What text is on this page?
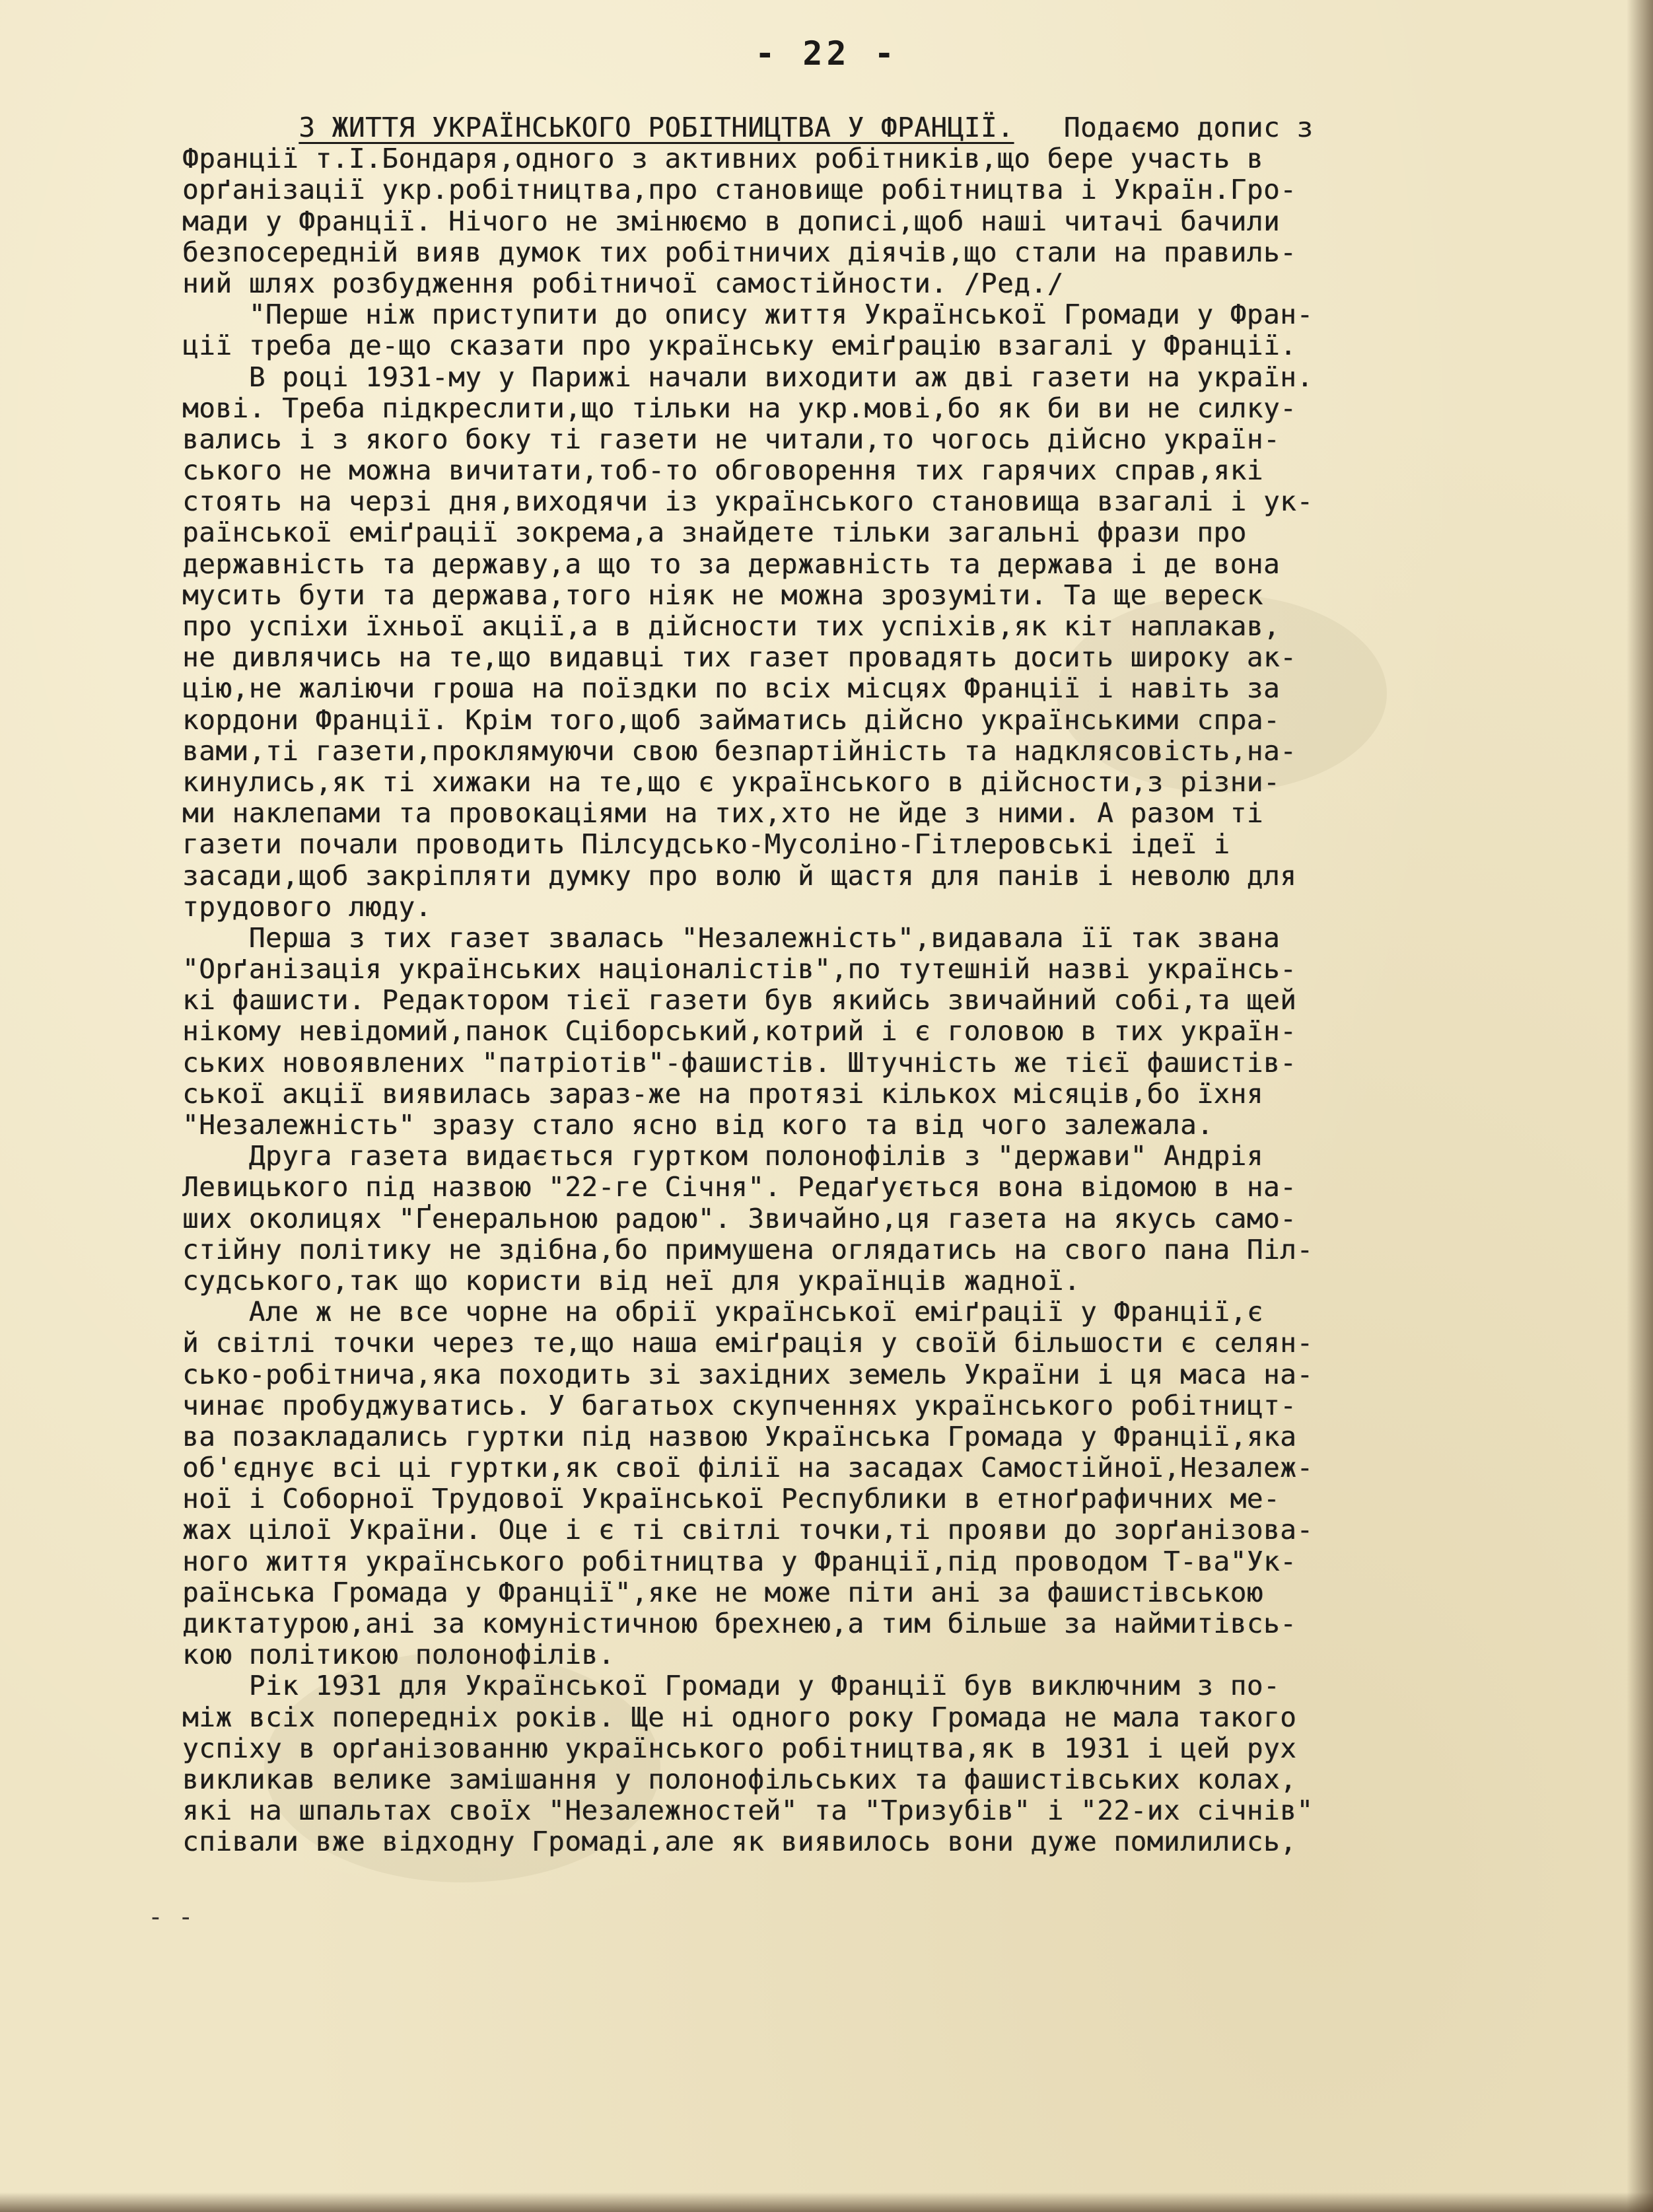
- 22 -
З ЖИТТЯ УКРАЇНСЬКОГО РОБІТНИЦТВА У ФРАНЦІЇ.   Подаємо допис з
Франції т.І.Бондаря,одного з активних робітників,що бере участь в
орґанізації укр.робітництва,про становище робітництва і Україн.Гро-
мади у Франції. Нічого не змінюємо в дописі,щоб наші читачі бачили
безпосередній вияв думок тих робітничих діячів,що стали на правиль-
ний шлях розбудження робітничої самостійности. /Ред./
"Перше ніж приступити до опису життя Української Громади у Фран-
ції треба де-що сказати про українську еміґрацію взагалі у Франції.
В році 1931-му у Парижі начали виходити аж дві газети на україн.
мові. Треба підкреслити,що тільки на укр.мові,бо як би ви не силку-
вались і з якого боку ті газети не читали,то чогось дійсно україн-
ського не можна вичитати,тоб-то обговорення тих гарячих справ,які
стоять на черзі дня,виходячи із українського становища взагалі і ук-
раїнської еміґрації зокрема,а знайдете тільки загальні фрази про
державність та державу,а що то за державність та держава і де вона
мусить бути та держава,того ніяк не можна зрозуміти. Та ще вереск
про успіхи їхньої акції,а в дійсности тих успіхів,як кіт наплакав,
не дивлячись на те,що видавці тих газет провадять досить широку ак-
цію,не жаліючи гроша на поїздки по всіх місцях Франції і навіть за
кордони Франції. Крім того,щоб займатись дійсно українськими спра-
вами,ті газети,проклямуючи свою безпартійність та надклясовість,на-
кинулись,як ті хижаки на те,що є українського в дійсности,з різни-
ми наклепами та провокаціями на тих,хто не йде з ними. А разом ті
газети почали проводить Пілсудсько-Мусоліно-Гітлеровські ідеї і
засади,щоб закріпляти думку про волю й щастя для панів і неволю для
трудового люду.
Перша з тих газет звалась "Незалежність",видавала її так звана
"Орґанізація українських націоналістів",по тутешній назві українсь-
кі фашисти. Редактором тієї газети був якийсь звичайний собі,та щей
нікому невідомий,панок Сціборський,котрий і є головою в тих україн-
ських новоявлених "патріотів"-фашистів. Штучність же тієї фашистів-
ської акції виявилась зараз-же на протязі кількох місяців,бо їхня
"Незалежність" зразу стало ясно від кого та від чого залежала.
Друга газета видається гуртком полонофілів з "держави" Андрія
Левицького під назвою "22-ге Січня". Редаґується вона відомою в на-
ших околицях "Ґенеральною радою". Звичайно,ця газета на якусь само-
стійну політику не здібна,бо примушена оглядатись на свого пана Піл-
судського,так що користи від неї для українців жадної.
Але ж не все чорне на обрії української еміґрації у Франції,є
й світлі точки через те,що наша еміґрація у своїй більшости є селян-
сько-робітнича,яка походить зі західних земель України і ця маса на-
чинає пробуджуватись. У багатьох скупченнях українського робітницт-
ва позакладались гуртки під назвою Українська Громада у Франції,яка
об'єднує всі ці гуртки,як свої філії на засадах Самостійної,Незалеж-
ної і Соборної Трудової Української Республики в етноґрафичних ме-
жах цілої України. Оце і є ті світлі точки,ті прояви до зорґанізова-
ного життя українського робітництва у Франції,під проводом Т-ва"Ук-
раїнська Громада у Франції",яке не може піти ані за фашистівською
диктатурою,ані за комуністичною брехнею,а тим більше за наймитівсь-
кою політикою полонофілів.
Рік 1931 для Української Громади у Франції був виключним з по-
між всіх попередніх років. Ще ні одного року Громада не мала такого
успіху в орґанізованню українського робітництва,як в 1931 і цей рух
викликав велике замішання у полонофільських та фашистівських колах,
які на шпальтах своїх "Незалежностей" та "Тризубів" і "22-их січнів"
співали вже відходну Громаді,але як виявилось вони дуже помилились,
- -
